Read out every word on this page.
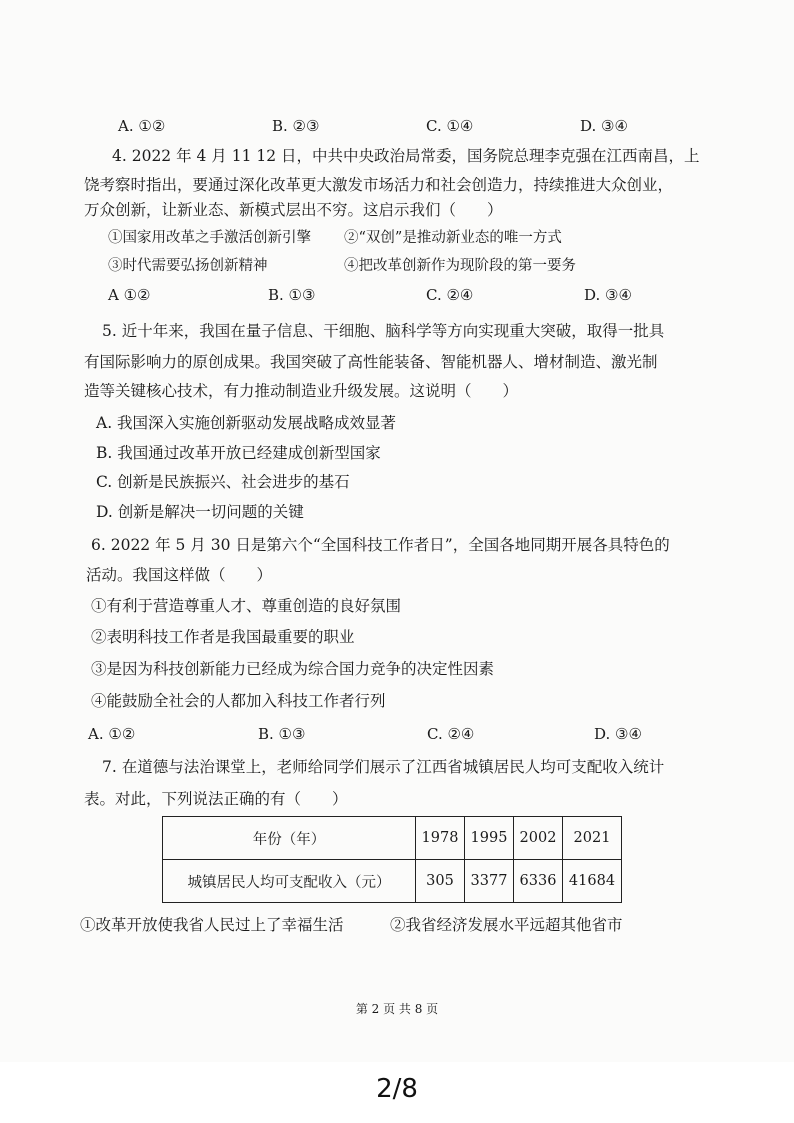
A. ①②	B. ②③	C. ①④	D. ③④
4. 2022 年 4 月 11 12 日，中共中央政治局常委，国务院总理李克强在江西南昌，上
饶考察时指出，要通过深化改革更大激发市场活力和社会创造力，持续推进大众创业，
万众创新，让新业态、新模式层出不穷。这启示我们（　　）
①国家用改革之手激活创新引擎 ②“双创”是推动新业态的唯一方式
③时代需要弘扬创新精神	④把改革创新作为现阶段的第一要务
A ①②	B. ①③	C. ②④	D. ③④
5. 近十年来，我国在量子信息、干细胞、脑科学等方向实现重大突破，取得一批具
有国际影响力的原创成果。我国突破了高性能装备、智能机器人、增材制造、激光制
造等关键核心技术，有力推动制造业升级发展。这说明（　　）
A. 我国深入实施创新驱动发展战略成效显著
B. 我国通过改革开放已经建成创新型国家
C. 创新是民族振兴、社会进步的基石
D. 创新是解决一切问题的关键
6. 2022 年 5 月 30 日是第六个“全国科技工作者日”，全国各地同期开展各具特色的
活动。我国这样做（　　）
①有利于营造尊重人才、尊重创造的良好氛围
②表明科技工作者是我国最重要的职业
③是因为科技创新能力已经成为综合国力竞争的决定性因素
④能鼓励全社会的人都加入科技工作者行列
A. ①②	B. ①③	C. ②④	D. ③④
7. 在道德与法治课堂上，老师给同学们展示了江西省城镇居民人均可支配收入统计
表。对此，下列说法正确的有（　　）
年份（年）	1978	1995	2002	2021
城镇居民人均可支配收入（元）	305	3377	6336	41684
①改革开放使我省人民过上了幸福生活	②我省经济发展水平远超其他省市
第 2 页 共 8 页
2/8
